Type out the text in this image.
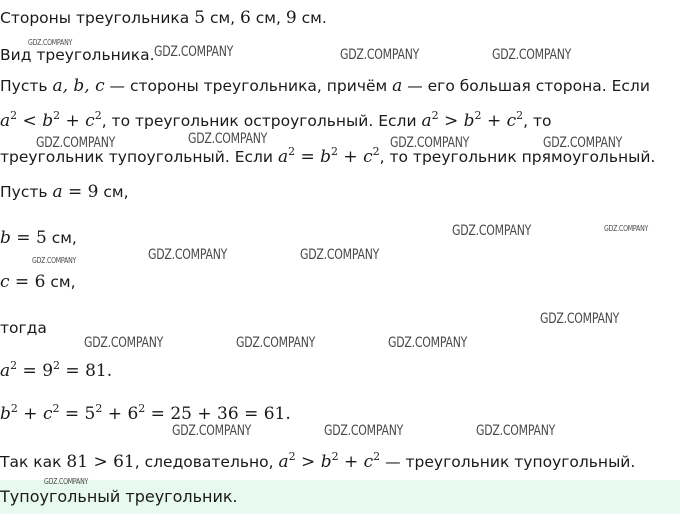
Стороны треугольника 5 см, 6 см, 9 см.
Вид треугольника.
Пусть a, b, c — стороны треугольника, причём a — его большая сторона. Если
$a^2 < b^2 + c^2$, то треугольник остроугольный. Если $a^2 > b^2 + c^2$, то
треугольник тупоугольный. Если $a^2 = b^2 + c^2$, то треугольник прямоугольный.
Пусть a = 9 см,
b = 5 см,
c = 6 см,
тогда
$a^2 = 9^2 = 81$.
$b^2 + c^2 = 5^2 + 6^2 = 25 + 36 = 61$.
Так как 81 > 61, следовательно, $a^2 > b^2 + c^2$ — треугольник тупоугольный.
Тупоугольный треугольник.
GDZ.COMPANY
GDZ.COMPANY	GDZ.COMPANY	GDZ.COMPANY
GDZ.COMPANY	GDZ.COMPANY	GDZ.COMPANY	GDZ.COMPANY
GDZ.COMPANY	GDZ.COMPANY
GDZ.COMPANY	GDZ.COMPANY
GDZ.COMPANY
GDZ.COMPANY
GDZ.COMPANY	GDZ.COMPANY	GDZ.COMPANY
GDZ.COMPANY	GDZ.COMPANY	GDZ.COMPANY
GDZ.COMPANY
